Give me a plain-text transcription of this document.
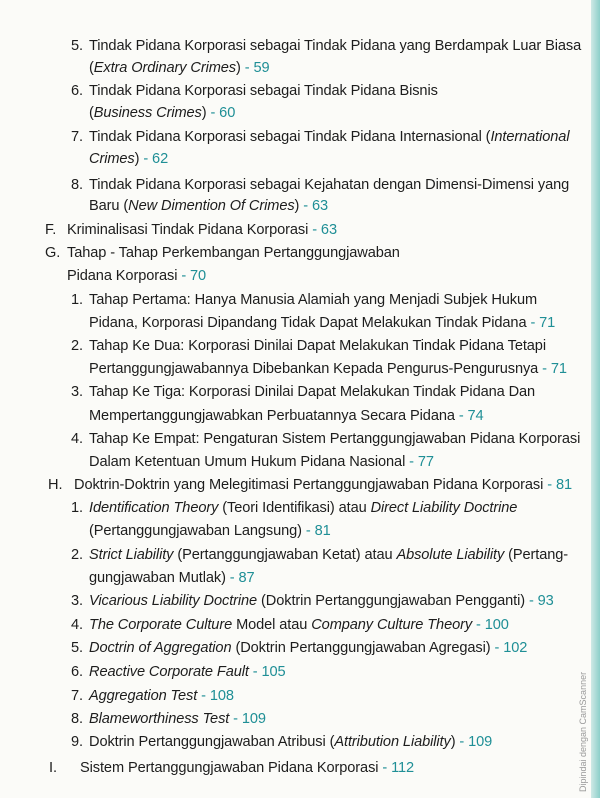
5. Tindak Pidana Korporasi sebagai Tindak Pidana yang Berdampak Luar Biasa
(Extra Ordinary Crimes) - 59
6. Tindak Pidana Korporasi sebagai Tindak Pidana Bisnis
(Business Crimes) - 60
7. Tindak Pidana Korporasi sebagai Tindak Pidana Internasional (International
Crimes) - 62
8. Tindak Pidana Korporasi sebagai Kejahatan dengan Dimensi-Dimensi yang
Baru (New Dimention Of Crimes) - 63
F. Kriminalisasi Tindak Pidana Korporasi - 63
G. Tahap - Tahap Perkembangan Pertanggungjawaban
Pidana Korporasi - 70
1. Tahap Pertama: Hanya Manusia Alamiah yang Menjadi Subjek Hukum
Pidana, Korporasi Dipandang Tidak Dapat Melakukan Tindak Pidana - 71
2. Tahap Ke Dua: Korporasi Dinilai Dapat Melakukan Tindak Pidana Tetapi
Pertanggungjawabannya Dibebankan Kepada Pengurus-Pengurusnya - 71
3. Tahap Ke Tiga: Korporasi Dinilai Dapat Melakukan Tindak Pidana Dan
Mempertanggungjawabkan Perbuatannya Secara Pidana - 74
4. Tahap Ke Empat: Pengaturan Sistem Pertanggungjawaban Pidana Korporasi
Dalam Ketentuan Umum Hukum Pidana Nasional - 77
H. Doktrin-Doktrin yang Melegitimasi Pertanggungjawaban Pidana Korporasi - 81
1. Identification Theory (Teori Identifikasi) atau Direct Liability Doctrine
(Pertanggungjawaban Langsung) - 81
2. Strict Liability (Pertanggungjawaban Ketat) atau Absolute Liability (Pertang-
gungjawaban Mutlak) - 87
3. Vicarious Liability Doctrine (Doktrin Pertanggungjawaban Pengganti) - 93
4. The Corporate Culture Model atau Company Culture Theory - 100
5. Doctrin of Aggregation (Doktrin Pertanggungjawaban Agregasi) - 102
6. Reactive Corporate Fault - 105
7. Aggregation Test - 108
8. Blameworthiness Test - 109
9. Doktrin Pertanggungjawaban Atribusi (Attribution Liability) - 109
I. Sistem Pertanggungjawaban Pidana Korporasi - 112	Dipindai dengan CamScanner
